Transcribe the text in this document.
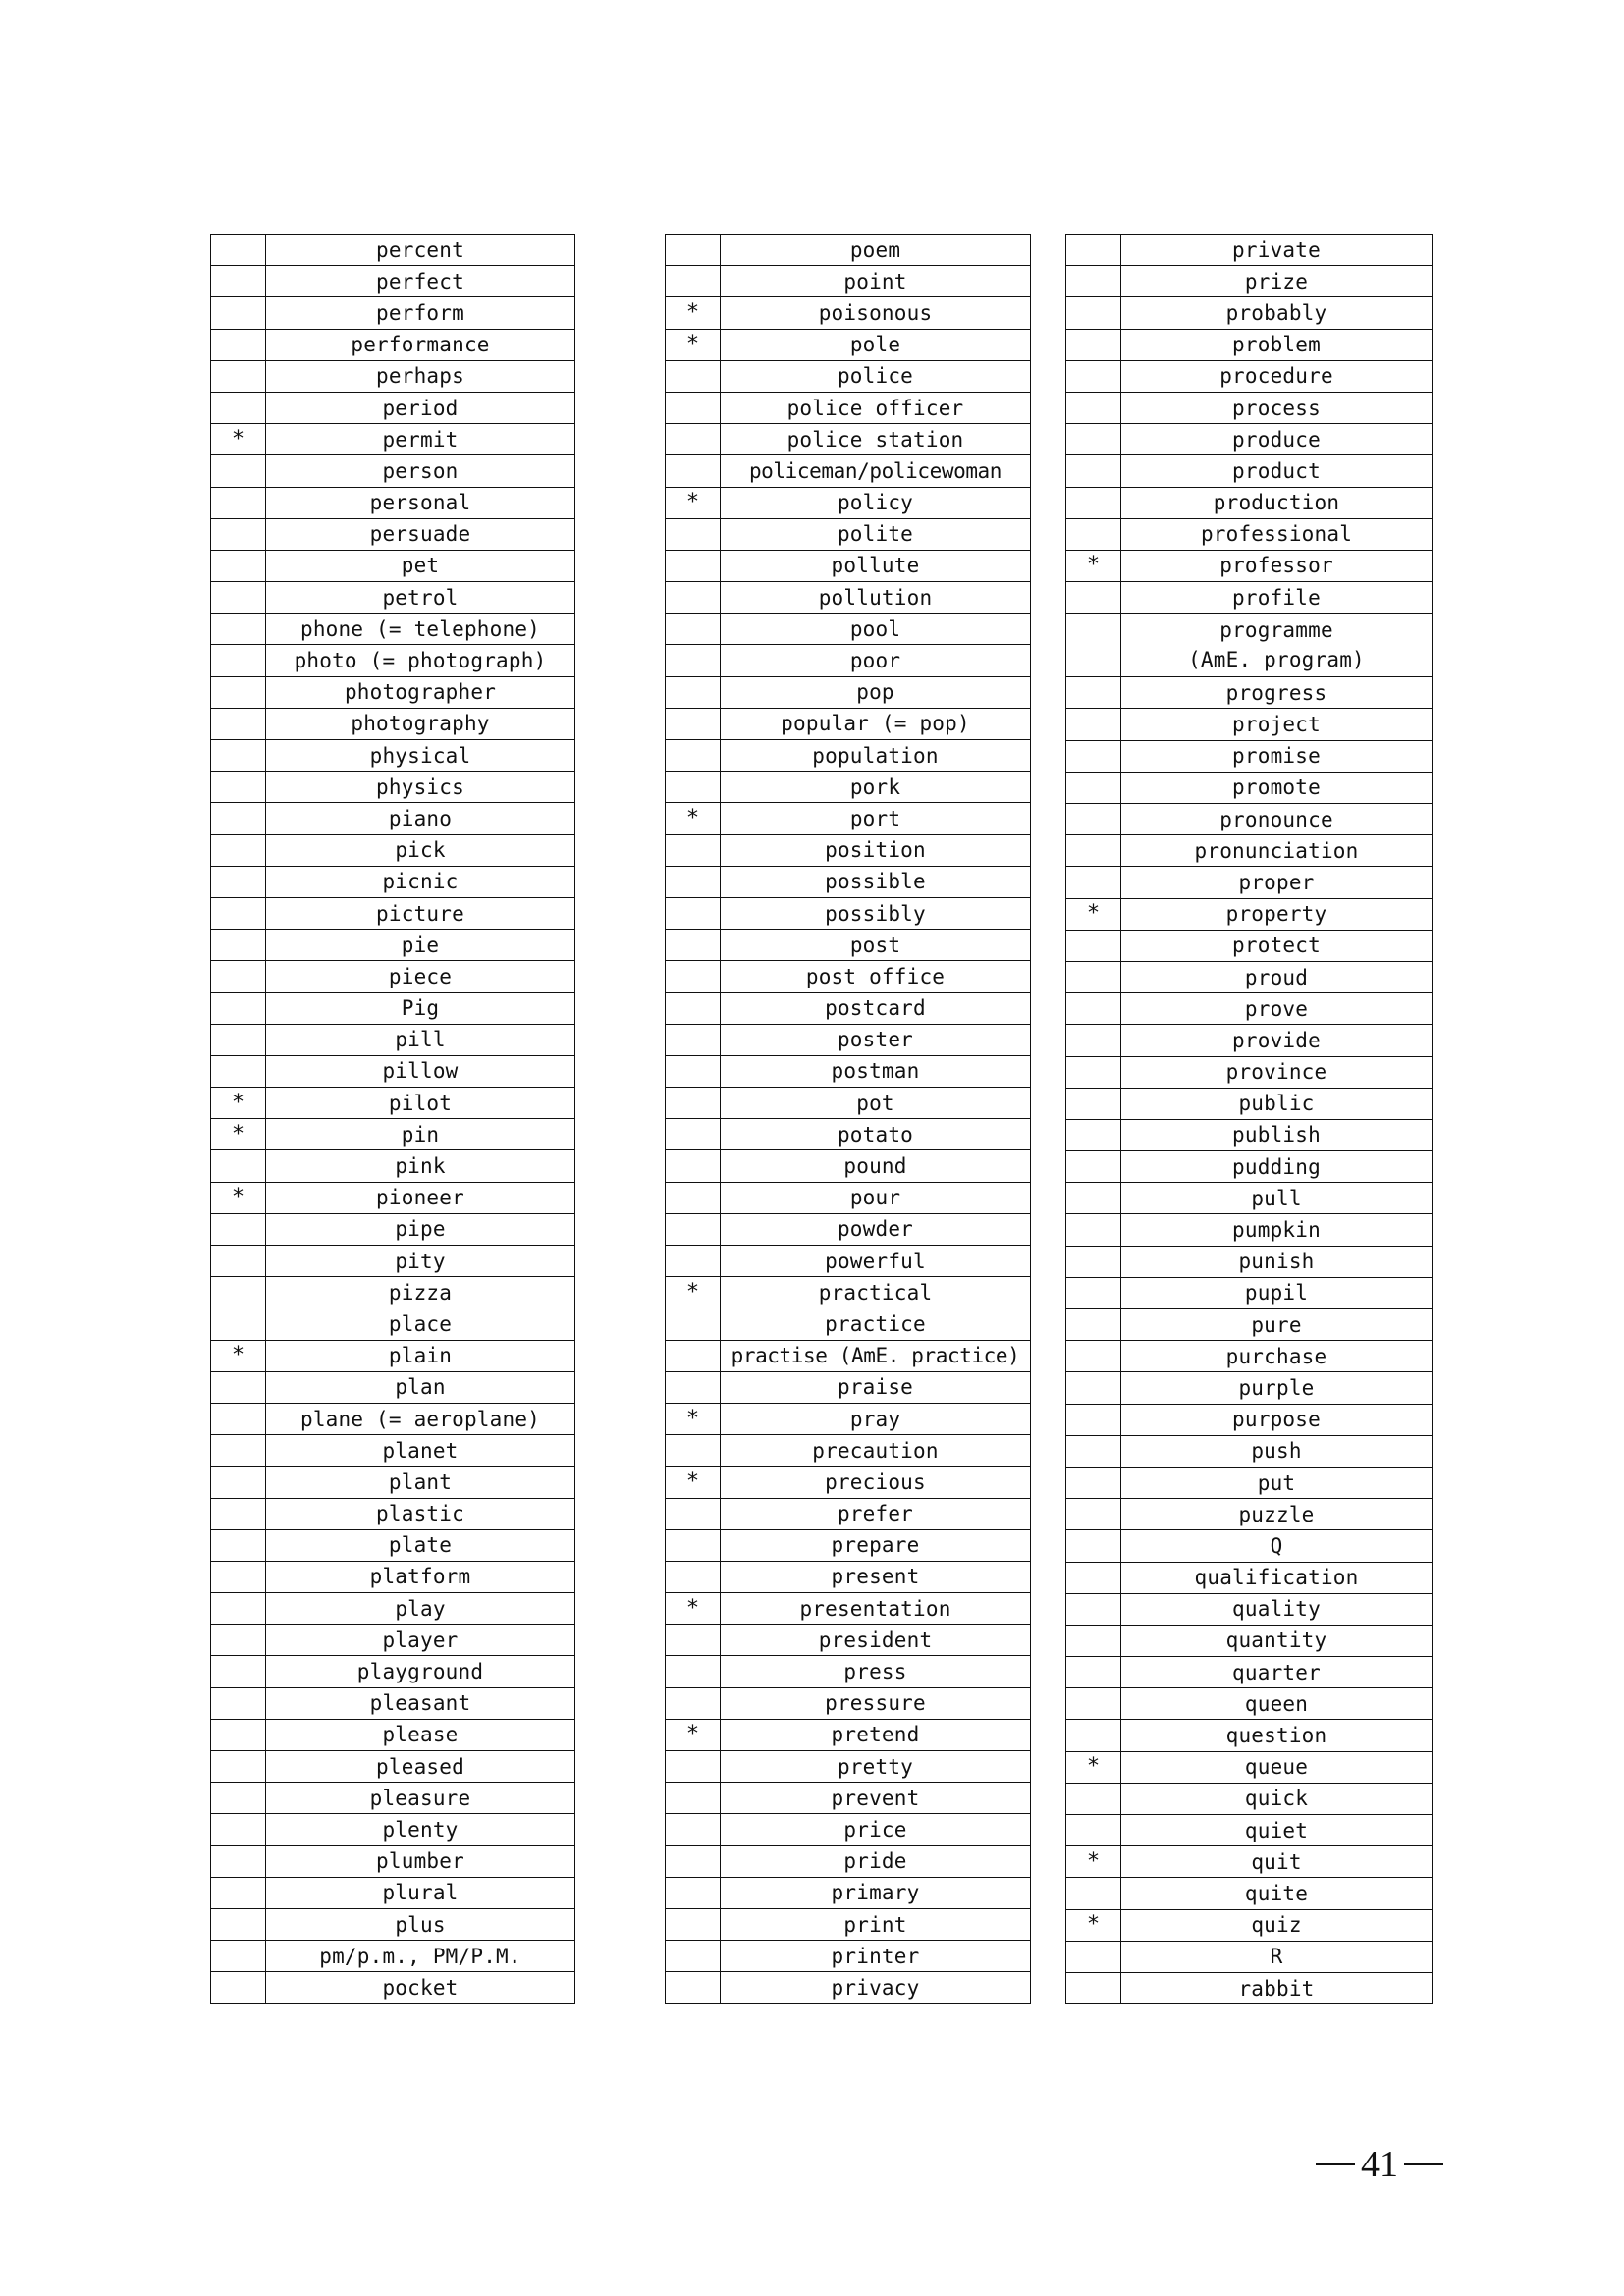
	percent
	perfect
	perform
	performance
	perhaps
	period
*	permit
	person
	personal
	persuade
	pet
	petrol
	phone (= telephone)
	photo (= photograph)
	photographer
	photography
	physical
	physics
	piano
	pick
	picnic
	picture
	pie
	piece
	Pig
	pill
	pillow
*	pilot
*	pin
	pink
*	pioneer
	pipe
	pity
	pizza
	place
*	plain
	plan
	plane (= aeroplane)
	planet
	plant
	plastic
	plate
	platform
	play
	player
	playground
	pleasant
	please
	pleased
	pleasure
	plenty
	plumber
	plural
	plus
	pm/p.m., PM/P.M.
	pocket
	poem
	point
*	poisonous
*	pole
	police
	police officer
	police station
	policeman/policewoman
*	policy
	polite
	pollute
	pollution
	pool
	poor
	pop
	popular (= pop)
	population
	pork
*	port
	position
	possible
	possibly
	post
	post office
	postcard
	poster
	postman
	pot
	potato
	pound
	pour
	powder
	powerful
*	practical
	practice
	practise (AmE. practice)
	praise
*	pray
	precaution
*	precious
	prefer
	prepare
	present
*	presentation
	president
	press
	pressure
*	pretend
	pretty
	prevent
	price
	pride
	primary
	print
	printer
	privacy
	private
	prize
	probably
	problem
	procedure
	process
	produce
	product
	production
	professional
*	professor
	profile

	programme
(AmE. program)

	progress
	project
	promise
	promote
	pronounce
	pronunciation
	proper
*	property
	protect
	proud
	prove
	provide
	province
	public
	publish
	pudding
	pull
	pumpkin
	punish
	pupil
	pure
	purchase
	purple
	purpose
	push
	put
	puzzle
	Q
	qualification
	quality
	quantity
	quarter
	queen
	question
*	queue
	quick
	quiet
*	quit
	quite
*	quiz
	R
	rabbit
41
